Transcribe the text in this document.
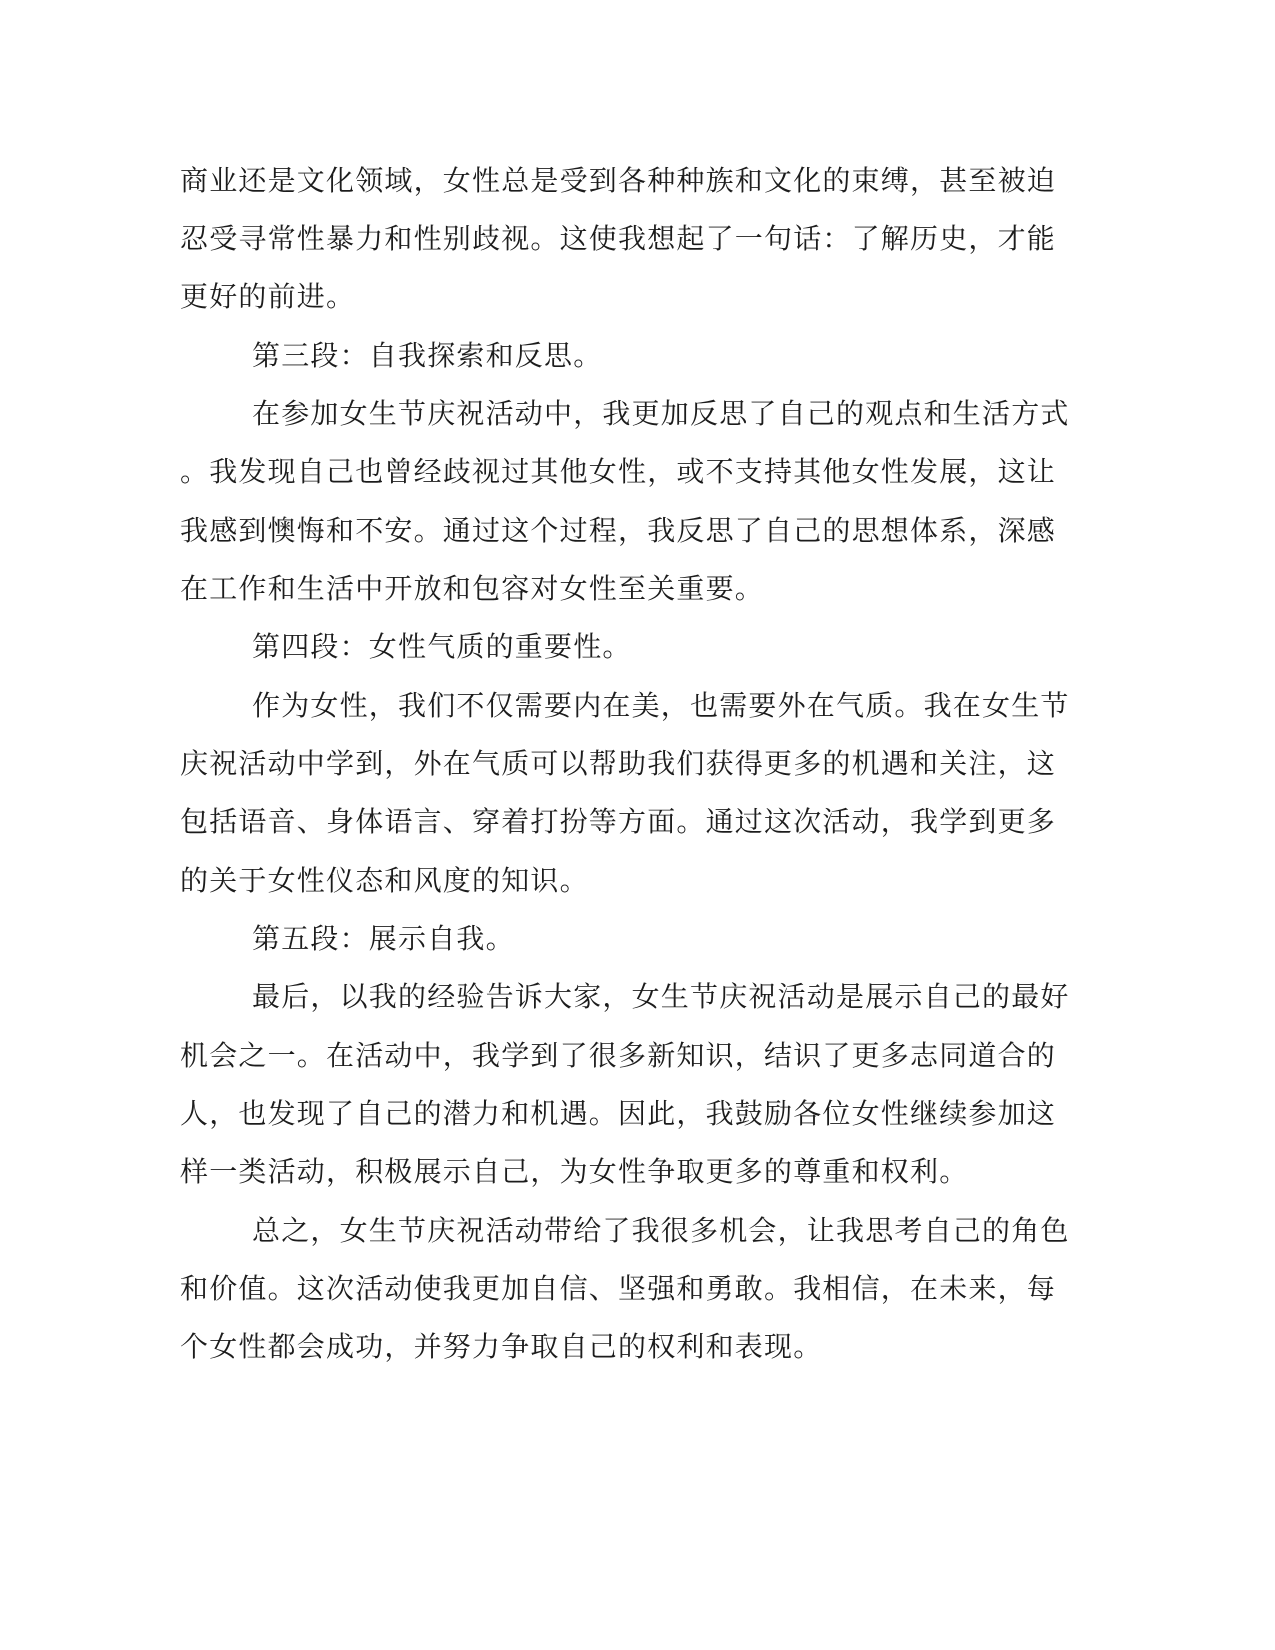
商业还是文化领域，女性总是受到各种种族和文化的束缚，甚至被迫
忍受寻常性暴力和性别歧视。这使我想起了一句话：了解历史，才能
更好的前进。
第三段：自我探索和反思。
在参加女生节庆祝活动中，我更加反思了自己的观点和生活方式
。我发现自己也曾经歧视过其他女性，或不支持其他女性发展，这让
我感到懊悔和不安。通过这个过程，我反思了自己的思想体系，深感
在工作和生活中开放和包容对女性至关重要。
第四段：女性气质的重要性。
作为女性，我们不仅需要内在美，也需要外在气质。我在女生节
庆祝活动中学到，外在气质可以帮助我们获得更多的机遇和关注，这
包括语音、身体语言、穿着打扮等方面。通过这次活动，我学到更多
的关于女性仪态和风度的知识。
第五段：展示自我。
最后，以我的经验告诉大家，女生节庆祝活动是展示自己的最好
机会之一。在活动中，我学到了很多新知识，结识了更多志同道合的
人，也发现了自己的潜力和机遇。因此，我鼓励各位女性继续参加这
样一类活动，积极展示自己，为女性争取更多的尊重和权利。
总之，女生节庆祝活动带给了我很多机会，让我思考自己的角色
和价值。这次活动使我更加自信、坚强和勇敢。我相信，在未来，每
个女性都会成功，并努力争取自己的权利和表现。
